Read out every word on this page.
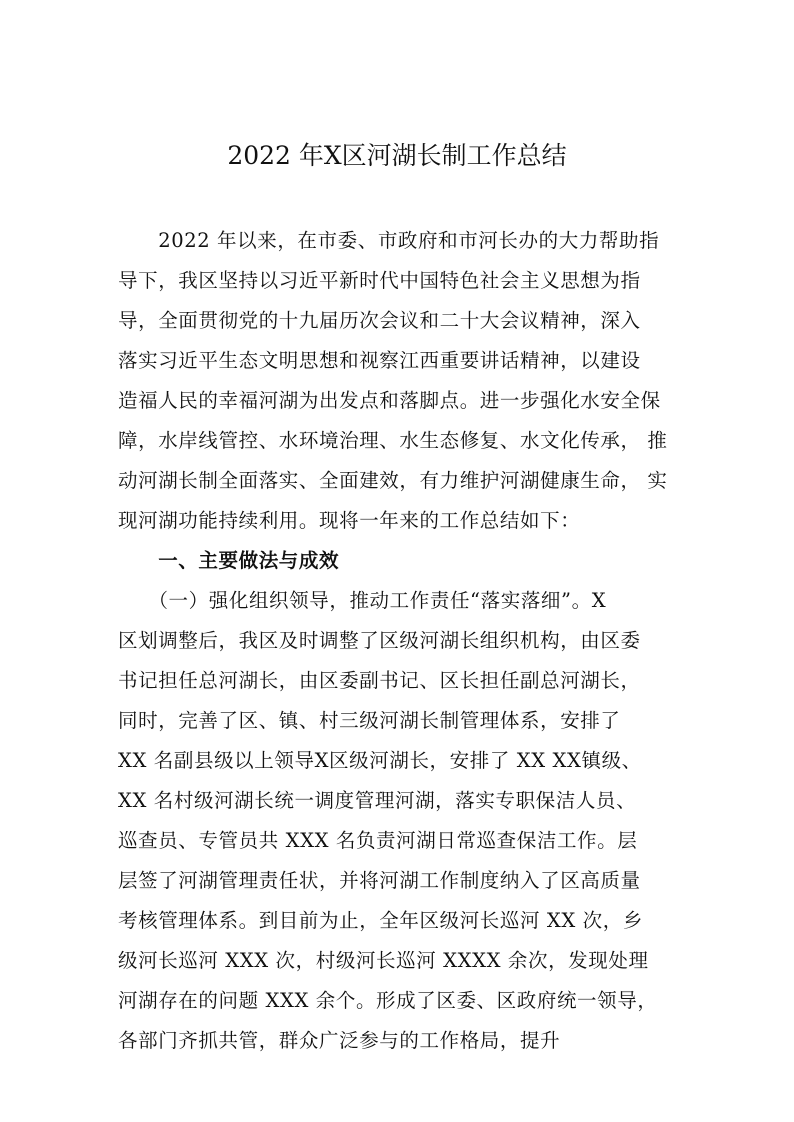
2022 年X区河湖长制工作总结
　　2022 年以来，在市委、市政府和市河长办的大力帮助指
导下，我区坚持以习近平新时代中国特色社会主义思想为指
导，全面贯彻党的十九届历次会议和二十大会议精神，深入
落实习近平生态文明思想和视察江西重要讲话精神，以建设
造福人民的幸福河湖为出发点和落脚点。进一步强化水安全保
障，水岸线管控、水环境治理、水生态修复、水文化传承， 推
动河湖长制全面落实、全面建效，有力维护河湖健康生命， 实
现河湖功能持续利用。现将一年来的工作总结如下：
　　一、主要做法与成效
　　（一）强化组织领导，推动工作责任“落实落细”。X
区划调整后，我区及时调整了区级河湖长组织机构，由区委
书记担任总河湖长，由区委副书记、区长担任副总河湖长，
同时，完善了区、镇、村三级河湖长制管理体系，安排了
XX 名副县级以上领导X区级河湖长，安排了 XX XX镇级、
XX 名村级河湖长统一调度管理河湖，落实专职保洁人员、
巡查员、专管员共 XXX 名负责河湖日常巡查保洁工作。层
层签了河湖管理责任状，并将河湖工作制度纳入了区高质量
考核管理体系。到目前为止，全年区级河长巡河 XX 次，乡
级河长巡河 XXX 次，村级河长巡河 XXXX 余次，发现处理
河湖存在的问题 XXX 余个。形成了区委、区政府统一领导，
各部门齐抓共管，群众广泛参与的工作格局，提升
